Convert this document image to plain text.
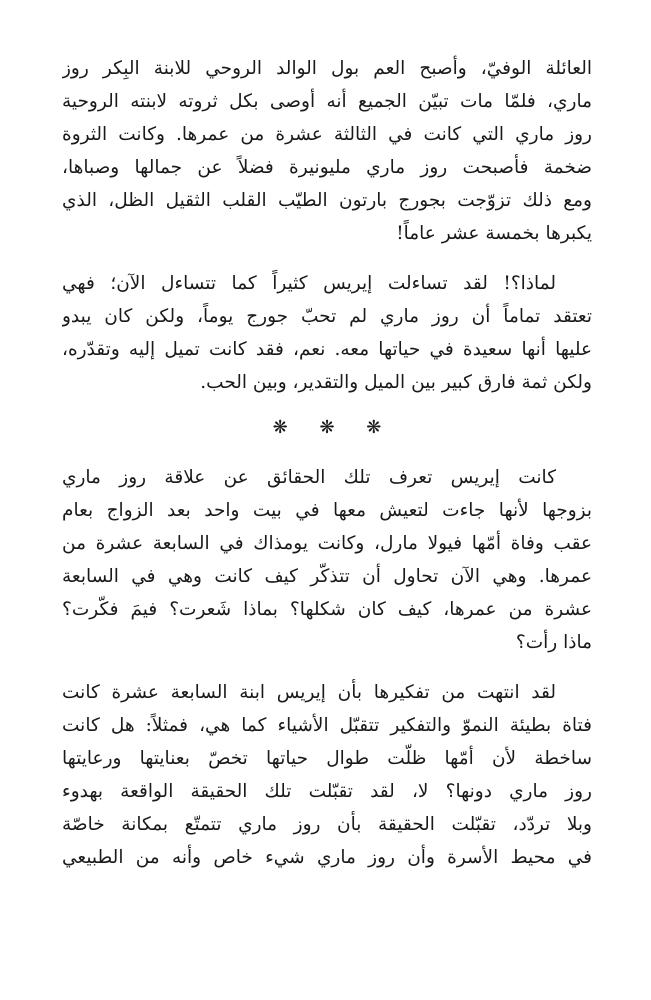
العائلة الوفيّ، وأصبح العم بول الوالد الروحي للابنة البِكر روز
ماري، فلمّا مات تبيّن الجميع أنه أوصى بكل ثروته لابنته الروحية
روز ماري التي كانت في الثالثة عشرة من عمرها. وكانت الثروة
ضخمة فأصبحت روز ماري مليونيرة فضلاً عن جمالها وصباها،
ومع ذلك تزوّجت بجورج بارتون الطيّب القلب الثقيل الظل، الذي
يكبرها بخمسة عشر عاماً!

لماذا؟! لقد تساءلت إيريس كثيراً كما تتساءل الآن؛ فهي
تعتقد تماماً أن روز ماري لم تحبّ جورج يوماً، ولكن كان يبدو
عليها أنها سعيدة في حياتها معه. نعم، فقد كانت تميل إليه وتقدّره،
ولكن ثمة فارق كبير بين الميل والتقدير، وبين الحب.

❋ ❋ ❋

كانت إيريس تعرف تلك الحقائق عن علاقة روز ماري
بزوجها لأنها جاءت لتعيش معها في بيت واحد بعد الزواج بعام
عقب وفاة أمّها فيولا مارل، وكانت يومذاك في السابعة عشرة من
عمرها. وهي الآن تحاول أن تتذكّر كيف كانت وهي في السابعة
عشرة من عمرها، كيف كان شكلها؟ بماذا شَعرت؟ فيمَ فكّرت؟
ماذا رأت؟

لقد انتهت من تفكيرها بأن إيريس ابنة السابعة عشرة كانت
فتاة بطيئة النموّ والتفكير تتقبّل الأشياء كما هي، فمثلاً: هل كانت
ساخطة لأن أمّها ظلّت طوال حياتها تخصّ بعنايتها ورعايتها
روز ماري دونها؟ لا، لقد تقبّلت تلك الحقيقة الواقعة بهدوء
وبلا تردّد، تقبّلت الحقيقة بأن روز ماري تتمتّع بمكانة خاصّة
في محيط الأسرة وأن روز ماري شيء خاص وأنه من الطبيعي
